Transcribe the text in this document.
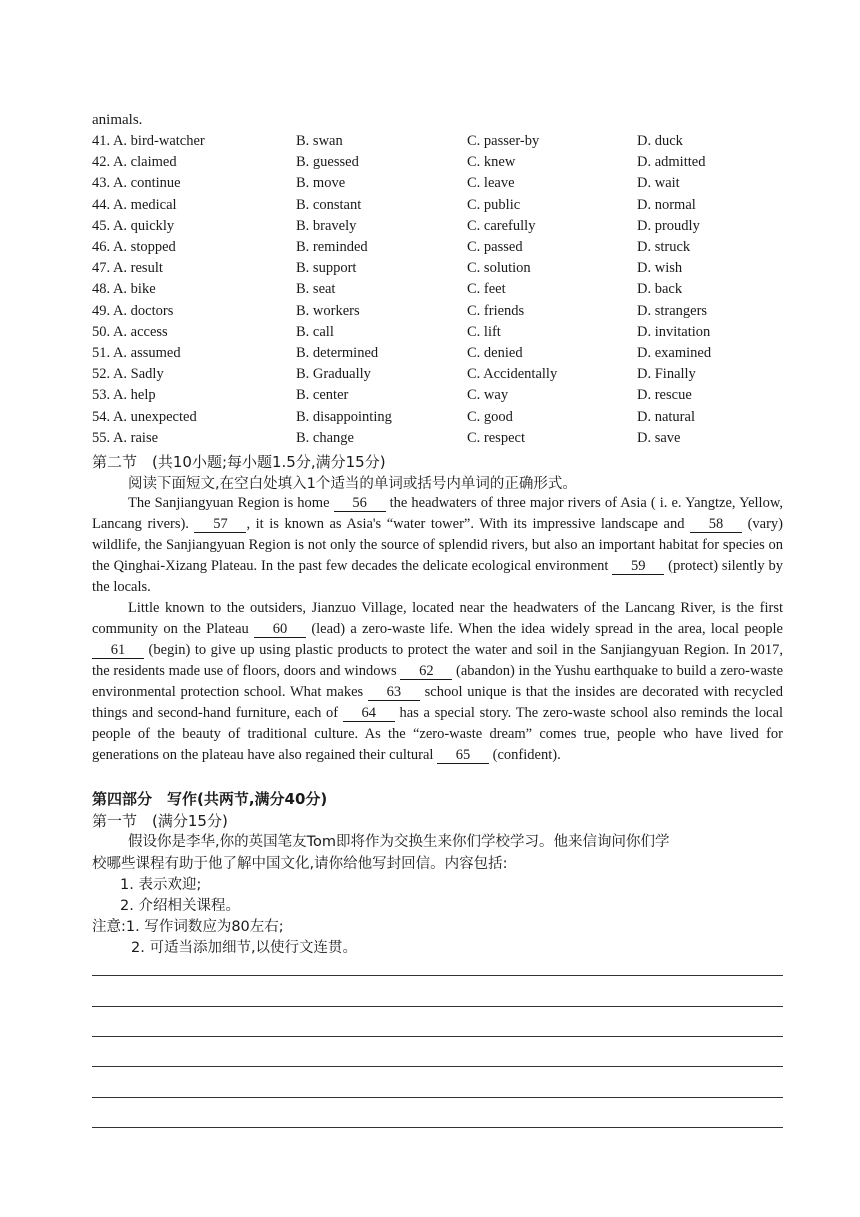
animals.
41. A. bird-watcher	B. swan	C. passer-by	D. duck
42. A. claimed	B. guessed	C. knew	D. admitted
43. A. continue	B. move	C. leave	D. wait
44. A. medical	B. constant	C. public	D. normal
45. A. quickly	B. bravely	C. carefully	D. proudly
46. A. stopped	B. reminded	C. passed	D. struck
47. A. result	B. support	C. solution	D. wish
48. A. bike	B. seat	C. feet	D. back
49. A. doctors	B. workers	C. friends	D. strangers
50. A. access	B. call	C. lift	D. invitation
51. A. assumed	B. determined	C. denied	D. examined
52. A. Sadly	B. Gradually	C. Accidentally	D. Finally
53. A. help	B. center	C. way	D. rescue
54. A. unexpected	B. disappointing	C. good	D. natural
55. A. raise	B. change	C. respect	D. save
第二节　(共10小题;每小题1.5分,满分15分)
阅读下面短文,在空白处填入1个适当的单词或括号内单词的正确形式。

The Sanjiangyuan Region is home 56 the headwaters of three major rivers of Asia ( i. e. Yangtze, Yellow, Lancang rivers). 57 , it is known as Asia's “water tower”. With its impressive landscape and 58 (vary) wildlife, the Sanjiangyuan Region is not only the source of splendid rivers, but also an important habitat for species on the Qinghai-Xizang Plateau. In the past few decades the delicate ecological environment 59 (protect) silently by the locals.

Little known to the outsiders, Jianzuo Village, located near the headwaters of the Lancang River, is the first community on the Plateau 60 (lead) a zero-waste life. When the idea widely spread in the area, local people 61 (begin) to give up using plastic products to protect the water and soil in the Sanjiangyuan Region. In 2017, the residents made use of floors, doors and windows 62 (abandon) in the Yushu earthquake to build a zero-waste environmental protection school. What makes 63 school unique is that the insides are decorated with recycled things and second-hand furniture, each of 64 has a special story. The zero-waste school also reminds the local people of the beauty of traditional culture. As the “zero-waste dream” comes true, people who have lived for generations on the plateau have also regained their cultural 65 (confident).

第四部分　写作(共两节,满分40分)
第一节　(满分15分)
假设你是李华,你的英国笔友Tom即将作为交换生来你们学校学习。他来信询问你们学
校哪些课程有助于他了解中国文化,请你给他写封回信。内容包括:
1. 表示欢迎;
2. 介绍相关课程。
注意:1. 写作词数应为80左右;
2. 可适当添加细节,以使行文连贯。
